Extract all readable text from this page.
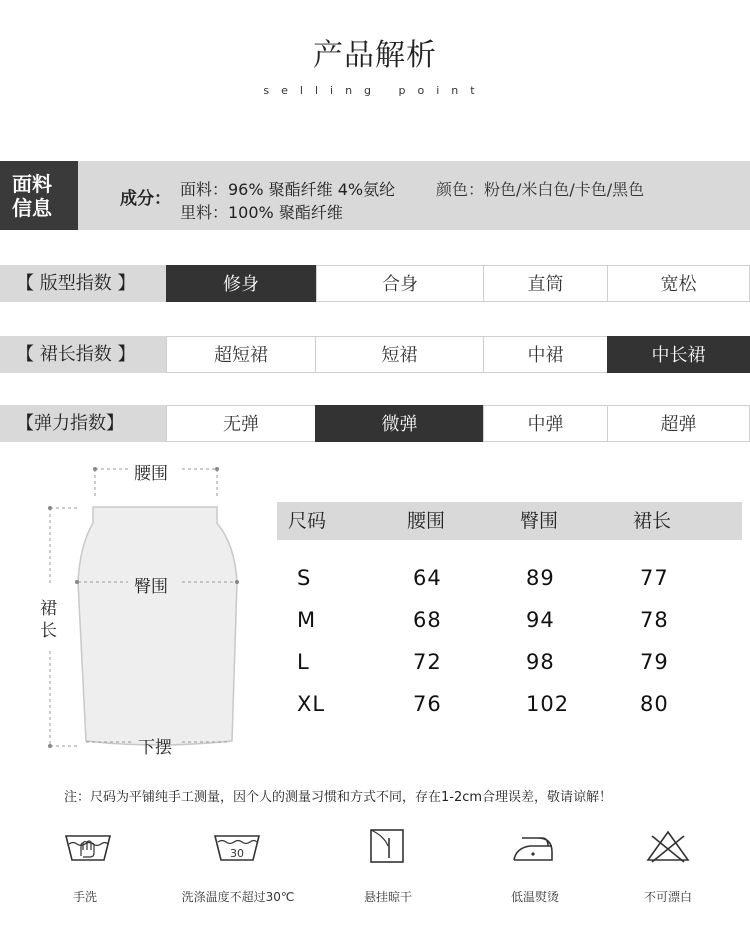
产品解析
selling point
面料信息	成分： 面料：96% 聚酯纤维 4%氨纶
里料：100% 聚酯纤维
颜色：粉色/米白色/卡色/黑色
【 版型指数 】	修身	合身	直筒	宽松
【 裙长指数 】	超短裙	短裙	中裙	中长裙
【弹力指数】	无弹	微弹	中弹	超弹
腰围
臀围
裙长
下摆
尺码	腰围	臀围	裙长
S	64	89	77
M	68	94	78
L	72	98	79
XL	76	102	80
注：尺码为平铺纯手工测量，因个人的测量习惯和方式不同，存在1-2cm合理误差，敬请谅解！
30
手洗	洗涤温度不超过30℃	悬挂晾干	低温熨烫	不可漂白
